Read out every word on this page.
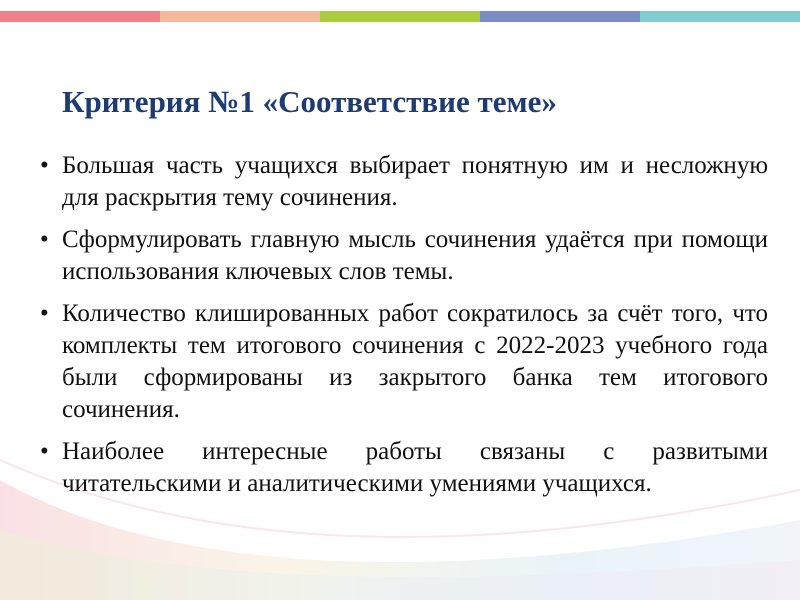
Критерия №1 «Соответствие теме»
• Большая часть учащихся выбирает понятную им и несложную для раскрытия тему сочинения.
• Сформулировать главную мысль сочинения удаётся при помощи использования ключевых слов темы.
• Количество клишированных работ сократилось за счёт того, что комплекты тем итогового сочинения с 2022-2023 учебного года были сформированы из закрытого банка тем итогового сочинения.
• Наиболее интересные работы связаны с развитыми читательскими и аналитическими умениями учащихся.
